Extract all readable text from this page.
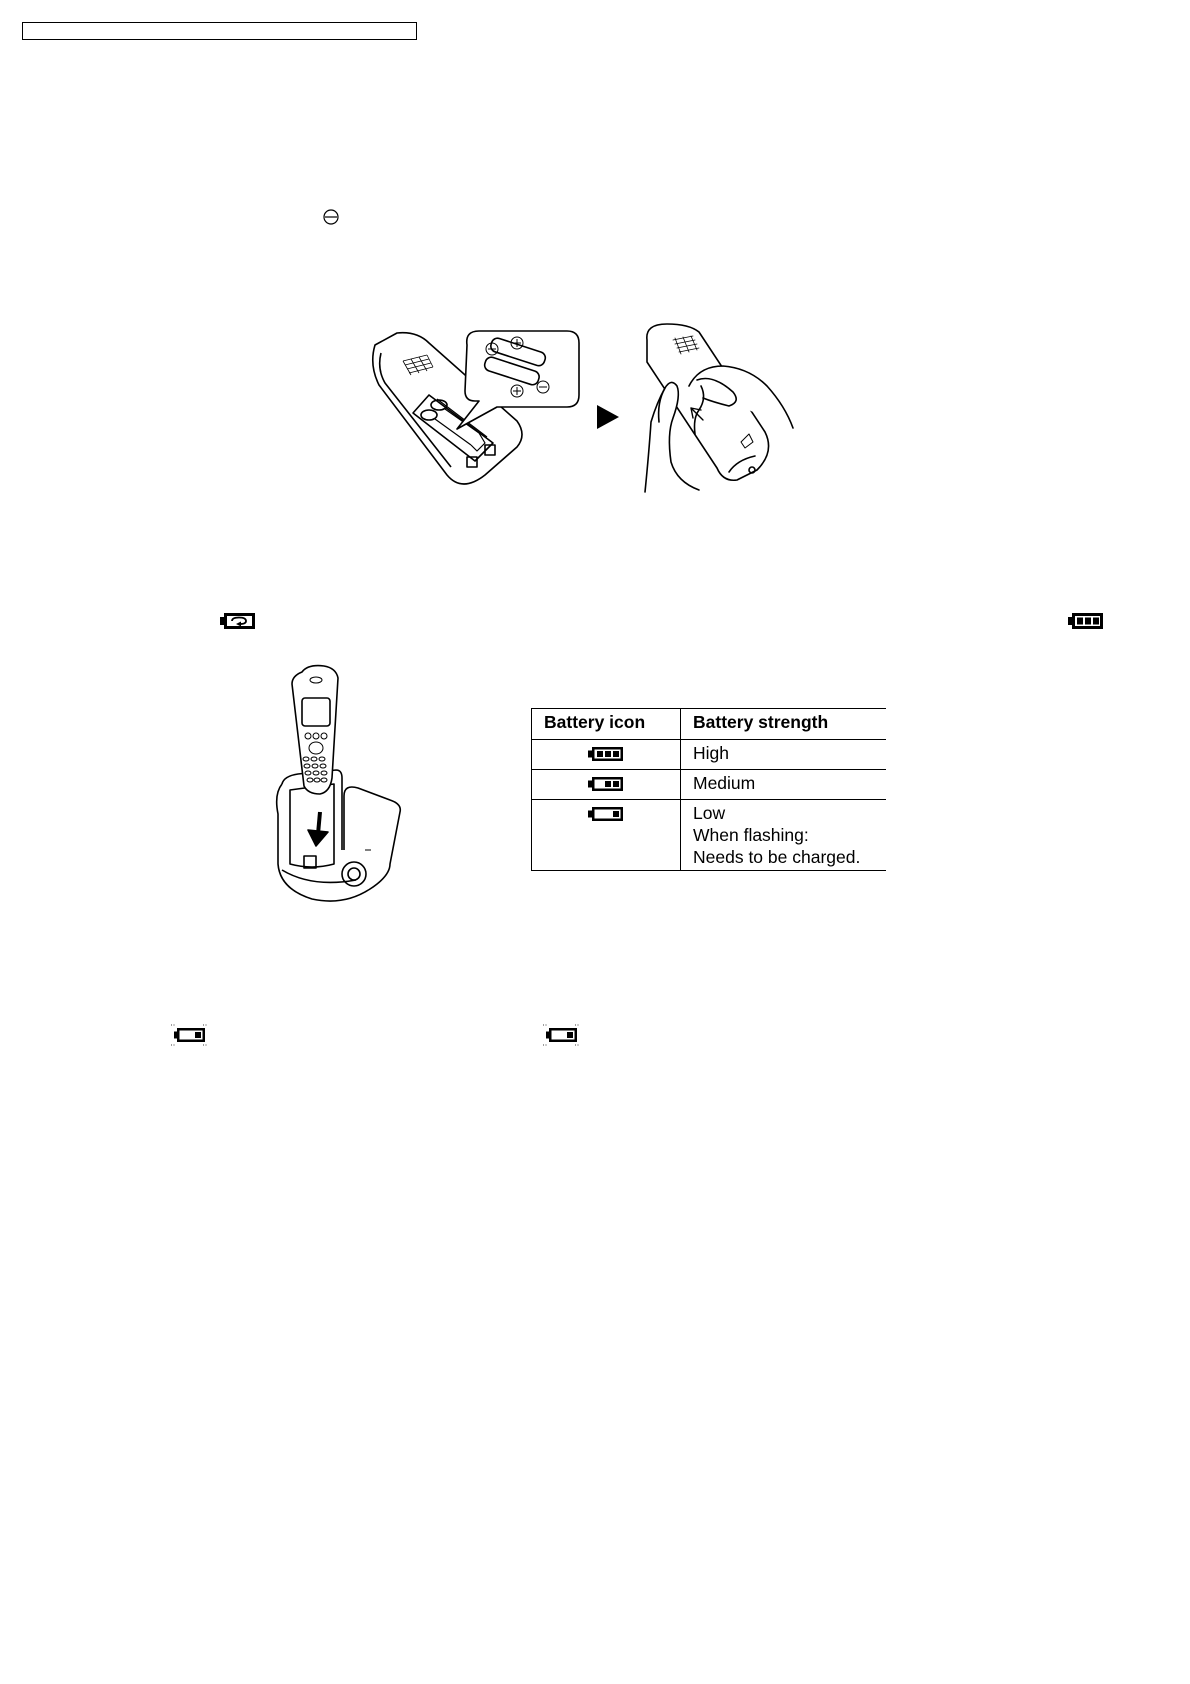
Battery icon	Battery strength

High

Medium

Low
When flashing:
Needs to be charged.
